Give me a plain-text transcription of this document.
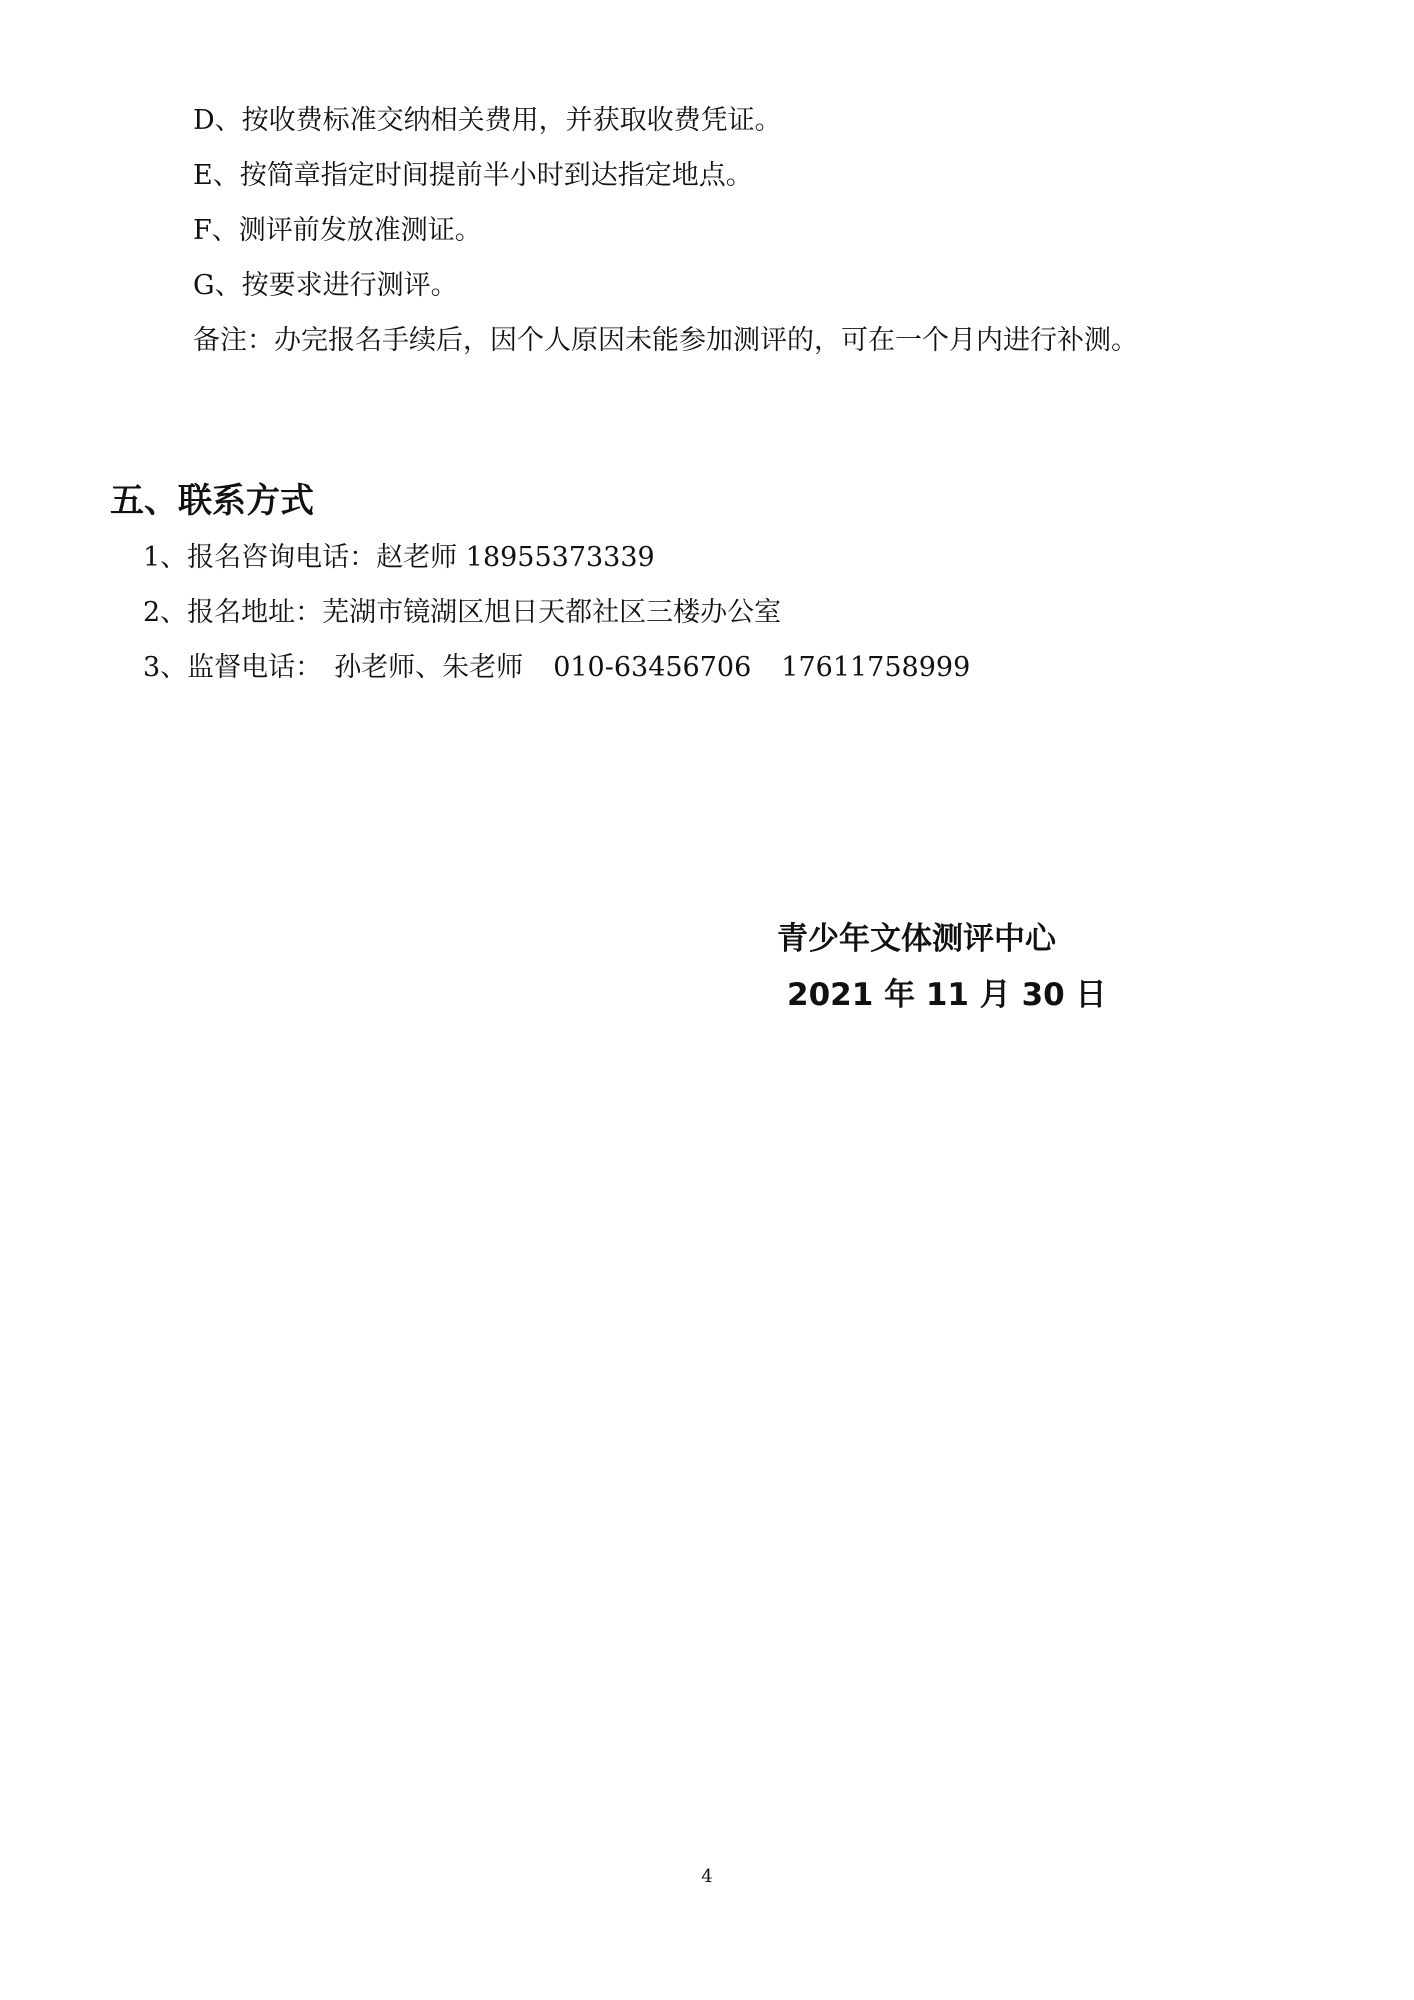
D、按收费标准交纳相关费用，并获取收费凭证。
E、按简章指定时间提前半小时到达指定地点。
F、测评前发放准测证。
G、按要求进行测评。
备注：办完报名手续后，因个人原因未能参加测评的，可在一个月内进行补测。
五、联系方式
1、报名咨询电话：赵老师 18955373339
2、报名地址：芜湖市镜湖区旭日天都社区三楼办公室
3、监督电话： 孙老师、朱老师 010-63456706 17611758999
青少年文体测评中心
2021 年 11 月 30 日
4
